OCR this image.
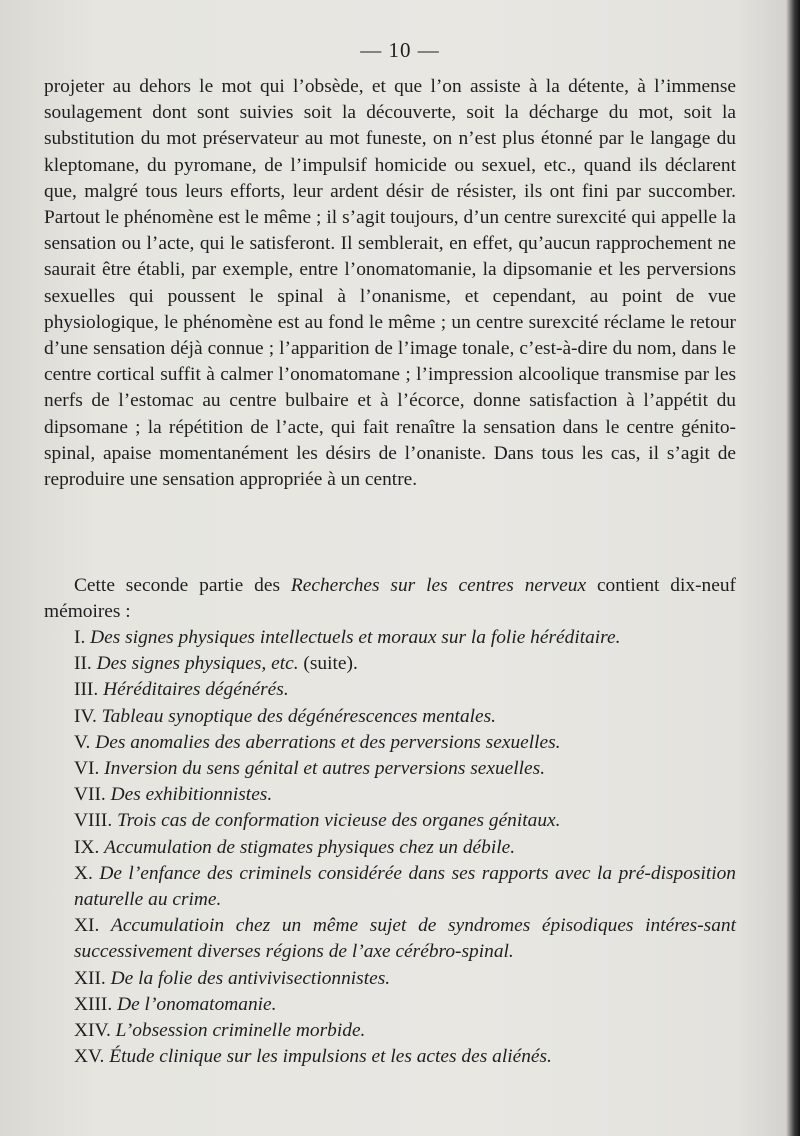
— 10 —

projeter au dehors le mot qui l’obsède, et que l’on assiste à la détente, à l’immense soulagement dont sont suivies soit la découverte, soit la décharge du mot, soit la substitution du mot préservateur au mot funeste, on n’est plus étonné par le langage du kleptomane, du pyromane, de l’impulsif homicide ou sexuel, etc., quand ils déclarent que, malgré tous leurs efforts, leur ardent désir de résister, ils ont fini par succomber. Partout le phénomène est le même ; il s’agit toujours, d’un centre surexcité qui appelle la sensation ou l’acte, qui le satisferont. Il semblerait, en effet, qu’aucun rapprochement ne saurait être établi, par exemple, entre l’onomatomanie, la dipsomanie et les perversions sexuelles qui poussent le spinal à l’onanisme, et cependant, au point de vue physiologique, le phénomène est au fond le même ; un centre surexcité réclame le retour d’une sensation déjà connue ; l’apparition de l’image tonale, c’est-à-dire du nom, dans le centre cortical suffit à calmer l’onomatomane ; l’impression alcoolique transmise par les nerfs de l’estomac au centre bulbaire et à l’écorce, donne satisfaction à l’appétit du dipsomane ; la répétition de l’acte, qui fait renaître la sensation dans le centre génito-spinal, apaise momentanément les désirs de l’onaniste. Dans tous les cas, il s’agit de reproduire une sensation appropriée à un centre.

Cette seconde partie des Recherches sur les centres nerveux contient dix-neuf mémoires :

I. Des signes physiques intellectuels et moraux sur la folie héréditaire.
II. Des signes physiques, etc. (suite).
III. Héréditaires dégénérés.
IV. Tableau synoptique des dégénérescences mentales.
V. Des anomalies des aberrations et des perversions sexuelles.
VI. Inversion du sens génital et autres perversions sexuelles.
VII. Des exhibitionnistes.
VIII. Trois cas de conformation vicieuse des organes génitaux.
IX. Accumulation de stigmates physiques chez un débile.
X. De l’enfance des criminels considérée dans ses rapports avec la pré-disposition naturelle au crime.
XI. Accumulatioin chez un même sujet de syndromes épisodiques intéres-sant successivement diverses régions de l’axe cérébro-spinal.
XII. De la folie des antivivisectionnistes.
XIII. De l’onomatomanie.
XIV. L’obsession criminelle morbide.
XV. Étude clinique sur les impulsions et les actes des aliénés.
